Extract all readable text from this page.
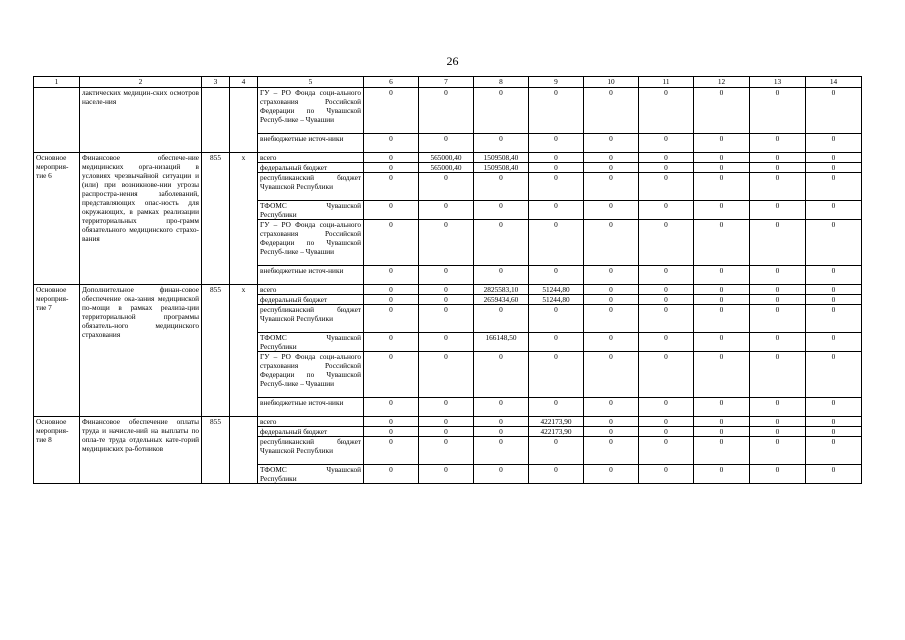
26
1	2	3	4	5	6	7	8	9	10	11	12	13	14
	лактических медицин-ских осмотров населе-ния			ГУ – РО Фонда соци-ального страхования Российской Федерации по Чувашской Респуб-лике – Чувашии	0	0	0	0	0	0	0	0	0
				внебюджетные источ-ники	0	0	0	0	0	0	0	0	0
Основное мероприя-тие 6	Финансовое обеспече-ние медицинских орга-низаций в условиях чрезвычайной ситуации и (или) при возникнове-нии угрозы распростра-нения заболеваний, представляющих опас-ность для окружающих, в рамках реализации территориальных про-грамм обязательного медицинского страхо-вания	855	х	всего	0	565000,40	1509508,40	0	0	0	0	0	0
				федеральный бюджет	0	565000,40	1509508,40	0	0	0	0	0	0
				республиканский бюджет Чувашской Республики	0	0	0	0	0	0	0	0	0
				ТФОМС Чувашской Республики	0	0	0	0	0	0	0	0	0
				ГУ – РО Фонда соци-ального страхования Российской Федерации по Чувашской Респуб-лике – Чувашии	0	0	0	0	0	0	0	0	0
				внебюджетные источ-ники	0	0	0	0	0	0	0	0	0
Основное мероприя-тие 7	Дополнительное финан-совое обеспечение ока-зания медицинской по-мощи в рамках реализа-ции территориальной программы обязатель-ного медицинского страхования	855	х	всего	0	0	2825583,10	51244,80	0	0	0	0	0
				федеральный бюджет	0	0	2659434,60	51244,80	0	0	0	0	0
				республиканский бюджет Чувашской Республики	0	0	0	0	0	0	0	0	0
				ТФОМС Чувашской Республики	0	0	166148,50	0	0	0	0	0	0
				ГУ – РО Фонда соци-ального страхования Российской Федерации по Чувашской Респуб-лике – Чувашии	0	0	0	0	0	0	0	0	0
				внебюджетные источ-ники	0	0	0	0	0	0	0	0	0
Основное мероприя-тие 8	Финансовое обеспечение оплаты труда и начисле-ний на выплаты по опла-те труда отдельных кате-горий медицинских ра-ботников	855		всего	0	0	0	422173,90	0	0	0	0	0
				федеральный бюджет	0	0	0	422173,90	0	0	0	0	0
				республиканский бюджет Чувашской Республики	0	0	0	0	0	0	0	0	0
				ТФОМС Чувашской Республики	0	0	0	0	0	0	0	0	0
